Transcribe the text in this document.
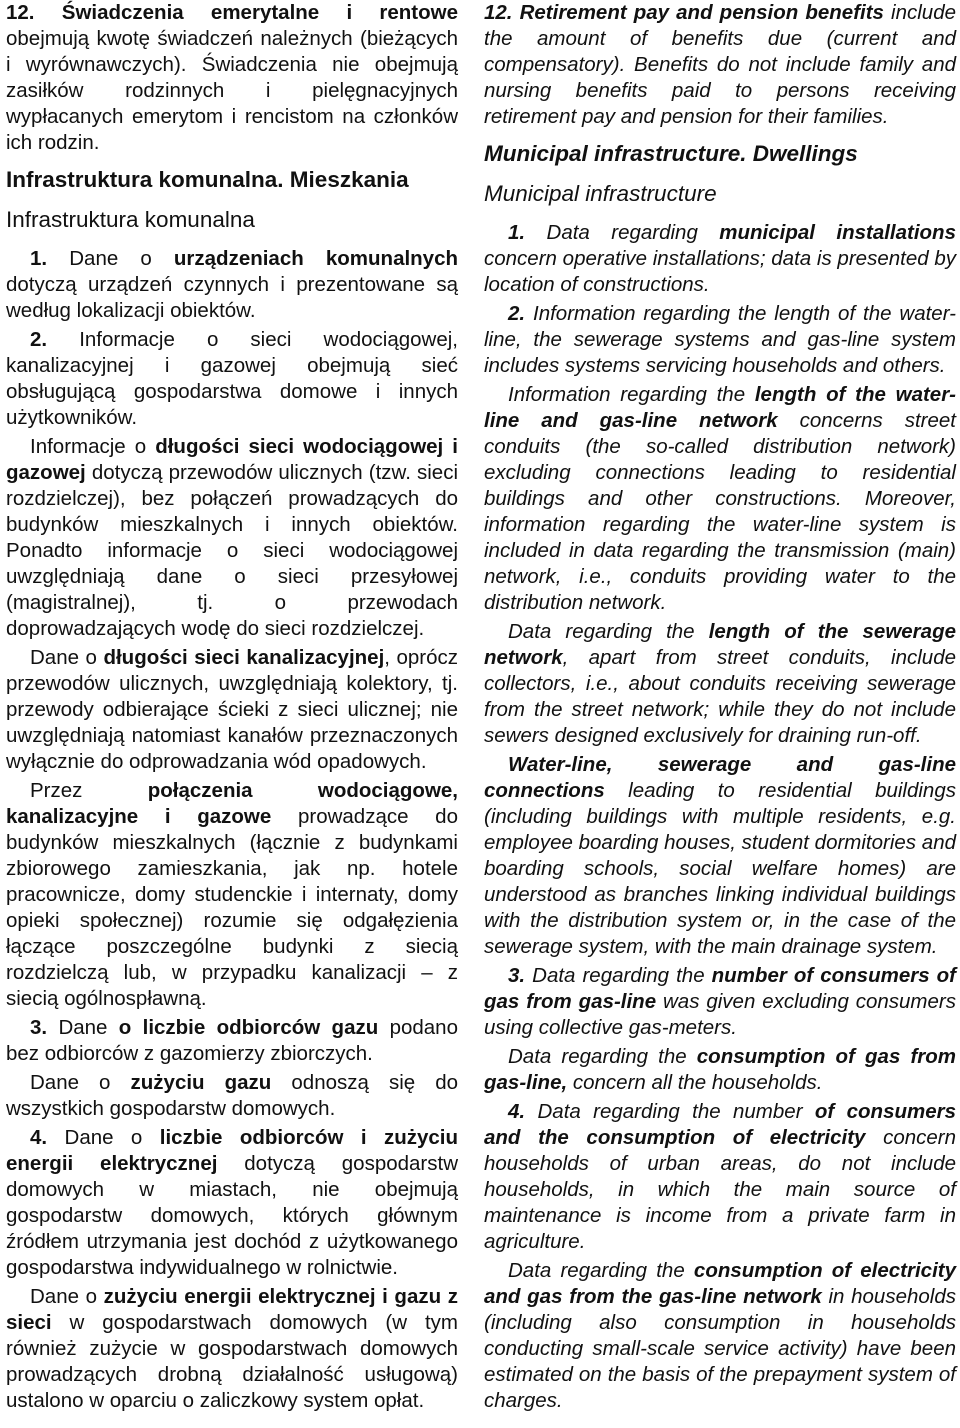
12. Świadczenia emerytalne i rentowe obejmują kwotę świadczeń należnych (bieżących i wyrównawczych). Świadczenia nie obejmują zasiłków rodzinnych i pielęgnacyjnych wypłacanych emerytom i rencistom na członków ich rodzin.

Infrastruktura komunalna. Mieszkania
Infrastruktura komunalna

1. Dane o urządzeniach komunalnych dotyczą urządzeń czynnych i prezentowane są według lokalizacji obiektów.

2. Informacje o sieci wodociągowej, kanalizacyjnej i gazowej obejmują sieć obsługującą gospodarstwa domowe i innych użytkowników.

Informacje o długości sieci wodociągowej i gazowej dotyczą przewodów ulicznych (tzw. sieci rozdzielczej), bez połączeń prowadzących do budynków mieszkalnych i innych obiektów. Ponadto informacje o sieci wodociągowej uwzględniają dane o sieci przesyłowej (magistralnej), tj. o przewodach doprowadzających wodę do sieci rozdzielczej.

Dane o długości sieci kanalizacyjnej, oprócz przewodów ulicznych, uwzględniają kolektory, tj. przewody odbierające ścieki z sieci ulicznej; nie uwzględniają natomiast kanałów przeznaczonych wyłącznie do odprowadzania wód opadowych.

Przez	połączenia wodociągowe, kanalizacyjne i gazowe prowadzące do budynków mieszkalnych (łącznie z budynkami zbiorowego zamieszkania, jak np. hotele pracownicze, domy studenckie i internaty, domy opieki społecznej) rozumie się odgałęzienia łączące poszczególne budynki z siecią rozdzielczą lub, w przypadku kanalizacji – z siecią ogólnospławną.

3. Dane o liczbie odbiorców gazu podano bez odbiorców z gazomierzy zbiorczych.

Dane o zużyciu gazu odnoszą się do wszystkich gospodarstw domowych.

4. Dane o liczbie odbiorców i zużyciu energii elektrycznej dotyczą gospodarstw domowych w miastach, nie obejmują gospodarstw domowych, których głównym źródłem utrzymania jest dochód z użytkowanego gospodarstwa indywidualnego w rolnictwie.

Dane o zużyciu energii elektrycznej i gazu z sieci w gospodarstwach domowych (w tym również zużycie w gospodarstwach domowych prowadzących drobną działalność usługową) ustalono w oparciu o zaliczkowy system opłat.

12. Retirement pay and pension benefits include the amount of benefits due (current and compensatory). Benefits do not include family and nursing benefits paid to persons receiving retirement pay and pension for their families.

Municipal infrastructure. Dwellings
Municipal infrastructure

1. Data regarding municipal installations concern operative installations; data is presented by location of constructions.

2. Information regarding the length of the water-line, the sewerage systems and gas-line system includes systems servicing households and others.

Information regarding the length of the water-line and gas-line network concerns street conduits (the so-called distribution network) excluding connections leading to residential buildings and other constructions. Moreover, information regarding the water-line system is included in data regarding the transmission (main) network, i.e., conduits providing water to the distribution network.

Data regarding the length of the sewerage network, apart from street conduits, include collectors, i.e., about conduits receiving sewerage from the street network; while they do not include sewers designed exclusively for draining run-off.

Water-line, sewerage and gas-line connections leading to residential buildings (including buildings with multiple residents, e.g. employee boarding houses, student dormitories and boarding schools, social welfare homes) are understood as branches linking individual buildings with the distribution system or, in the case of the sewerage system, with the main drainage system.

3. Data regarding the number of consumers of gas from gas-line was given excluding consumers using collective gas-meters.

Data regarding the consumption of gas from gas-line, concern all the households.

4. Data regarding the number of consumers and the consumption of electricity concern households of urban areas, do not include households, in which the main source of maintenance is income from a private farm in agriculture.

Data regarding the consumption of electricity and gas from the gas-line network in households (including also consumption in households conducting small-scale service activity) have been estimated on the basis of the prepayment system of charges.
